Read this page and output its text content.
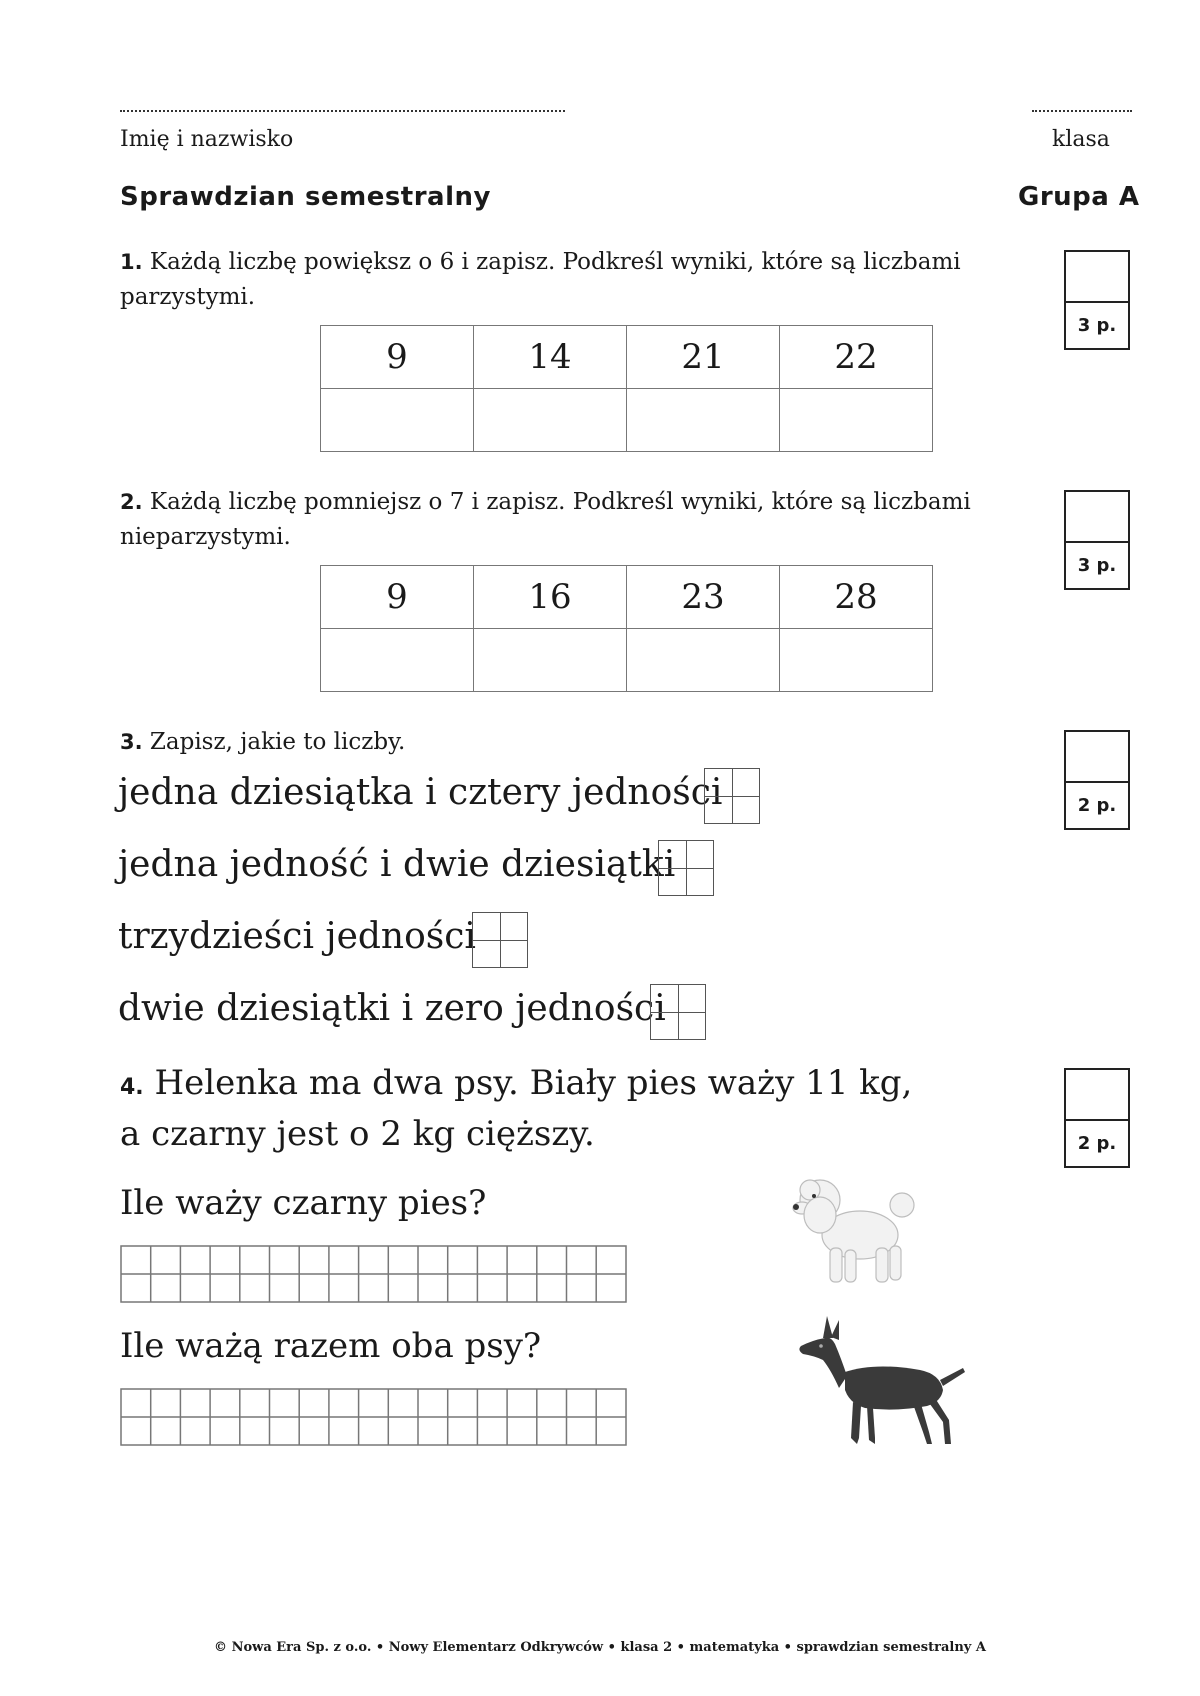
Imię i nazwisko	klasa
Sprawdzian semestralny	Grupa A
1. Każdą liczbę powiększ o 6 i zapisz. Podkreśl wyniki, które są liczbami parzystymi.
9	14	21	22

3 p.
2. Każdą liczbę pomniejsz o 7 i zapisz. Podkreśl wyniki, które są liczbami nieparzystymi.
9	16	23	28

3 p.
3. Zapisz, jakie to liczby.
2 p.
jedna dziesiątka i cztery jedności
jedna jedność i dwie dziesiątki
trzydzieści jedności
dwie dziesiątki i zero jedności
4. Helenka ma dwa psy. Biały pies waży 11 kg,
a czarny jest o 2 kg cięższy.	2 p.
Ile waży czarny pies?
Ile ważą razem oba psy?
© Nowa Era Sp. z o.o. • Nowy Elementarz Odkrywców • klasa 2 • matematyka • sprawdzian semestralny A
